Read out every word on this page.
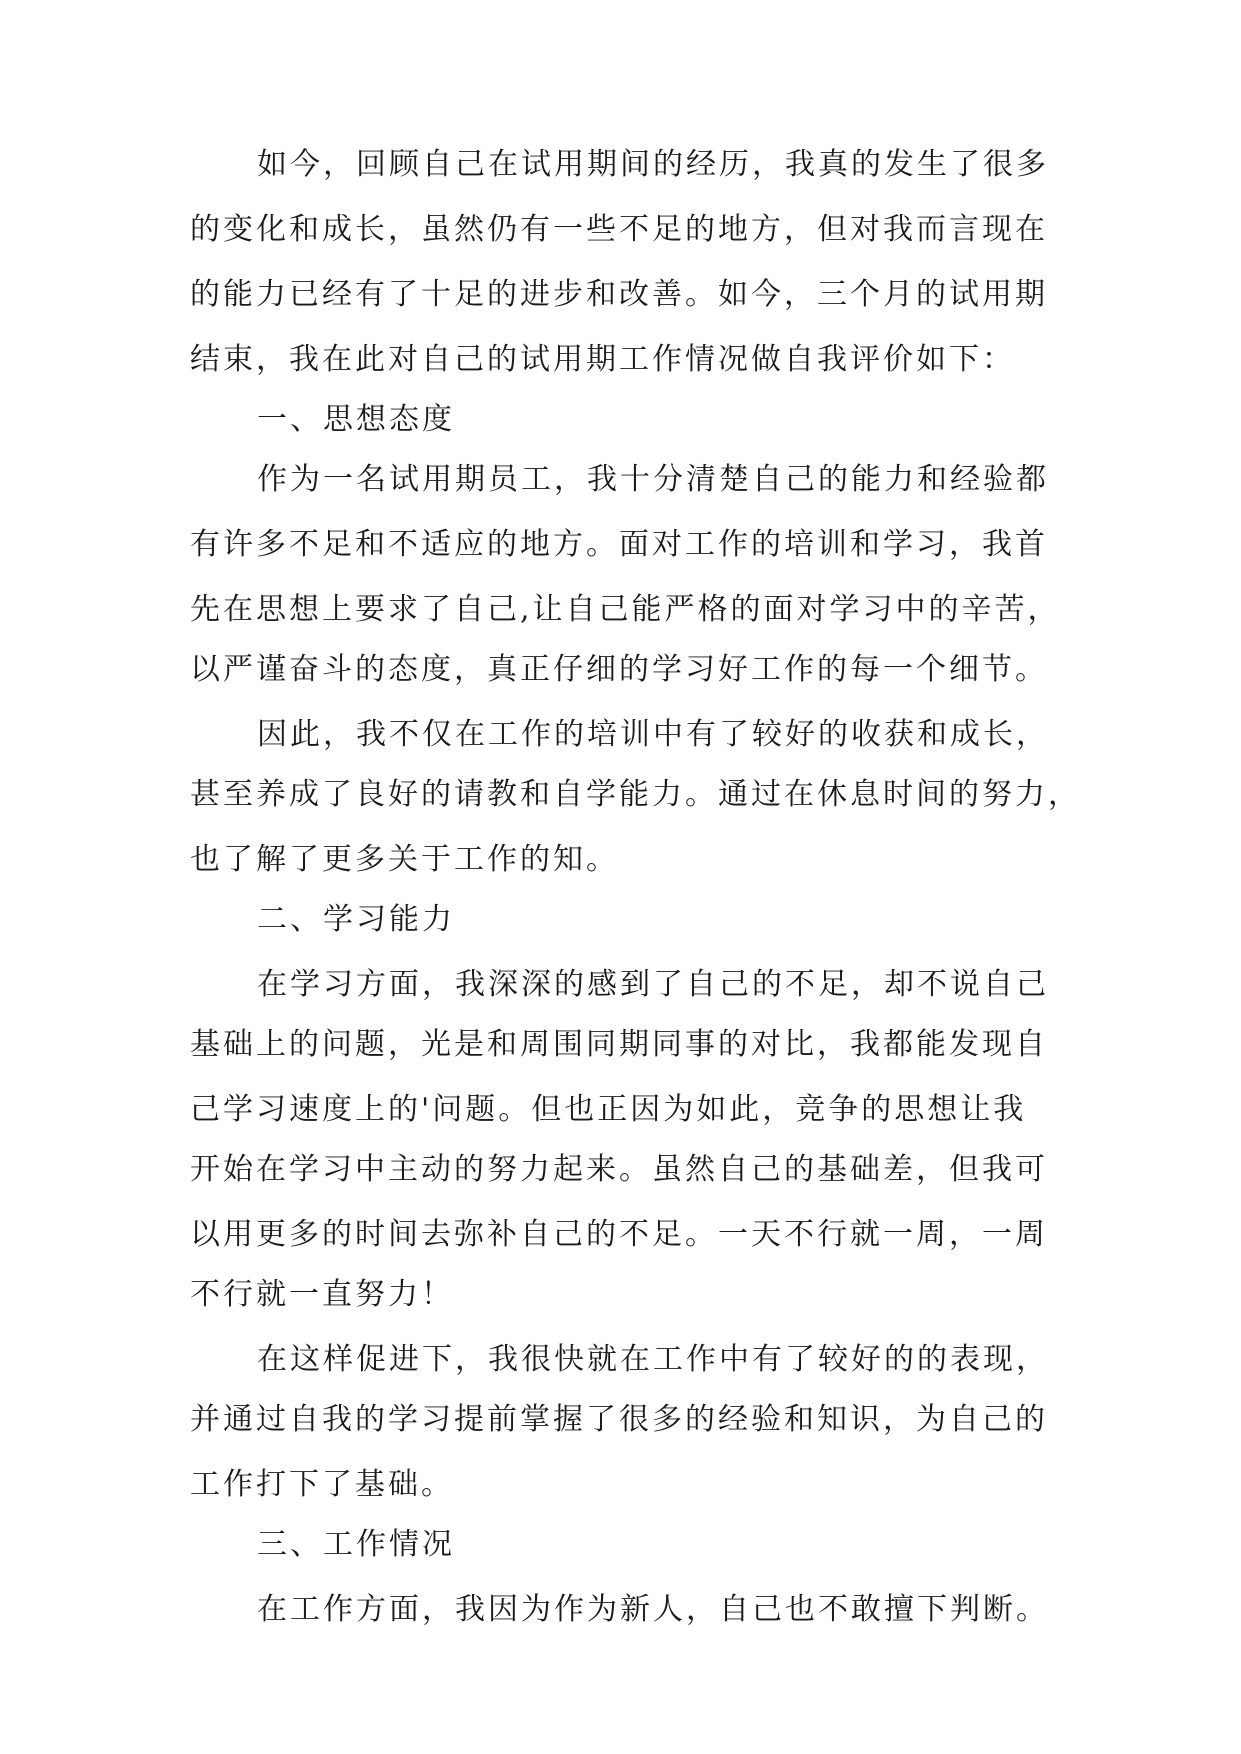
如今，回顾自己在试用期间的经历，我真的发生了很多
的变化和成长，虽然仍有一些不足的地方，但对我而言现在
的能力已经有了十足的进步和改善。如今，三个月的试用期
结束，我在此对自己的试用期工作情况做自我评价如下：
一、思想态度
作为一名试用期员工，我十分清楚自己的能力和经验都
有许多不足和不适应的地方。面对工作的培训和学习，我首
先在思想上要求了自己,让自己能严格的面对学习中的辛苦，
以严谨奋斗的态度，真正仔细的学习好工作的每一个细节。
因此，我不仅在工作的培训中有了较好的收获和成长，
甚至养成了良好的请教和自学能力。通过在休息时间的努力，
也了解了更多关于工作的知。
二、学习能力
在学习方面，我深深的感到了自己的不足，却不说自己
基础上的问题，光是和周围同期同事的对比，我都能发现自
己学习速度上的'问题。但也正因为如此，竞争的思想让我
开始在学习中主动的努力起来。虽然自己的基础差，但我可
以用更多的时间去弥补自己的不足。一天不行就一周，一周
不行就一直努力！
在这样促进下，我很快就在工作中有了较好的的表现，
并通过自我的学习提前掌握了很多的经验和知识，为自己的
工作打下了基础。
三、工作情况
在工作方面，我因为作为新人，自己也不敢擅下判断。
